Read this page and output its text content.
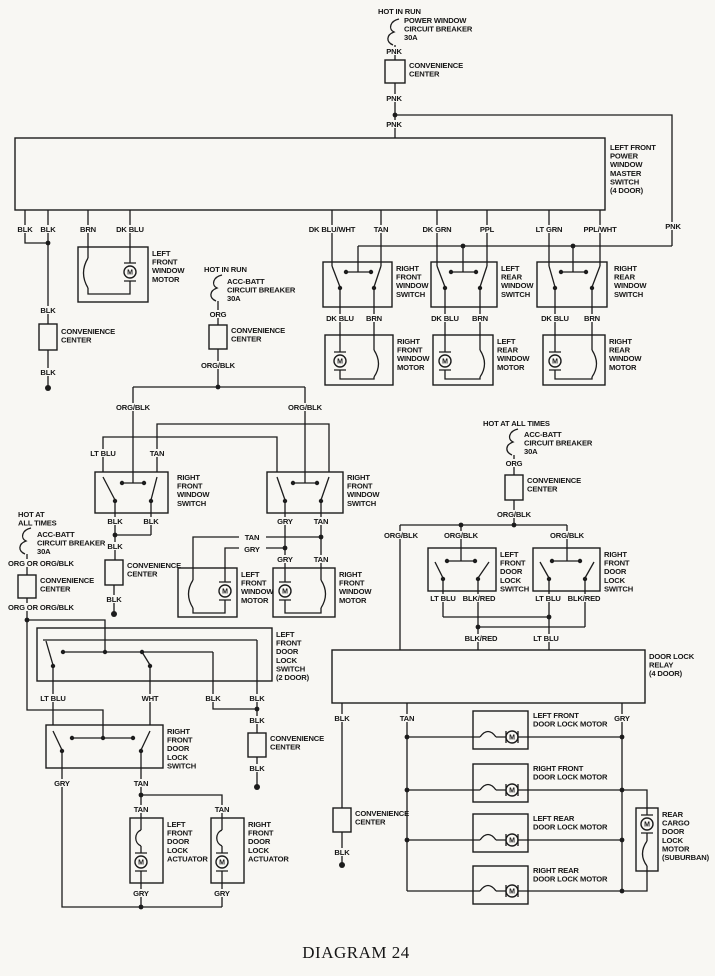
HOT IN RUN
POWER WINDOW CIRCUIT BREAKER 30A
PNK
CONVENIENCE CENTER
PNK
PNK
LEFT FRONT POWER WINDOW MASTER SWITCH (4 DOOR)
BLK BLK	BRN	DK BLU	DK BLU/WHT TAN	DK GRN	PPL	LT GRN	PPL/WHT	PNK
BLK
CONVENIENCE CENTER
BLK
M
LEFT FRONT WINDOW MOTOR
RIGHT FRONT WINDOW SWITCH
LEFT REAR WINDOW SWITCH
RIGHT REAR WINDOW SWITCH
DK BLU BRN	DK BLU BRN	DK BLU BRN
M
RIGHT FRONT WINDOW MOTOR
M
LEFT REAR WINDOW MOTOR
M
RIGHT REAR WINDOW MOTOR
HOT IN RUN
ACC-BATT CIRCUIT BREAKER 30A
ORG
CONVENIENCE CENTER
ORG/BLK
ORG/BLK	ORG/BLK
LT BLU	TAN
RIGHT FRONT WINDOW SWITCH
BLK	BLK
BLK
CONVENIENCE CENTER
BLK
RIGHT FRONT WINDOW SWITCH
GRY	TAN
GRY	TAN
TAN
GRY
M
LEFT FRONT WINDOW MOTOR
M
RIGHT FRONT WINDOW MOTOR
HOT AT ALL TIMES
ACC-BATT CIRCUIT BREAKER 30A
ORG OR ORG/BLK
CONVENIENCE CENTER
ORG OR ORG/BLK
LEFT FRONT DOOR LOCK SWITCH (2 DOOR)
LT BLU	WHT	BLK	BLK
BLK
CONVENIENCE CENTER
BLK
RIGHT FRONT DOOR LOCK SWITCH
GRY	TAN
TAN	TAN
LEFT FRONT DOOR LOCK ACTUATOR
M
RIGHT FRONT DOOR LOCK ACTUATOR
M
GRY	GRY
HOT AT ALL TIMES
ACC-BATT CIRCUIT BREAKER 30A
ORG
CONVENIENCE CENTER
ORG/BLK
ORG/BLK	ORG/BLK	ORG/BLK
LEFT FRONT DOOR LOCK SWITCH
LT BLU BLK/RED
RIGHT FRONT DOOR LOCK SWITCH
LT BLU BLK/RED
BLK/RED	LT BLU
DOOR LOCK RELAY (4 DOOR)
BLK	TAN	GRY
CONVENIENCE CENTER
BLK
M
LEFT FRONT DOOR LOCK MOTOR
M
RIGHT FRONT DOOR LOCK MOTOR
M
LEFT REAR DOOR LOCK MOTOR
M
RIGHT REAR DOOR LOCK MOTOR
M
REAR CARGO DOOR LOCK MOTOR (SUBURBAN)
DIAGRAM 24
